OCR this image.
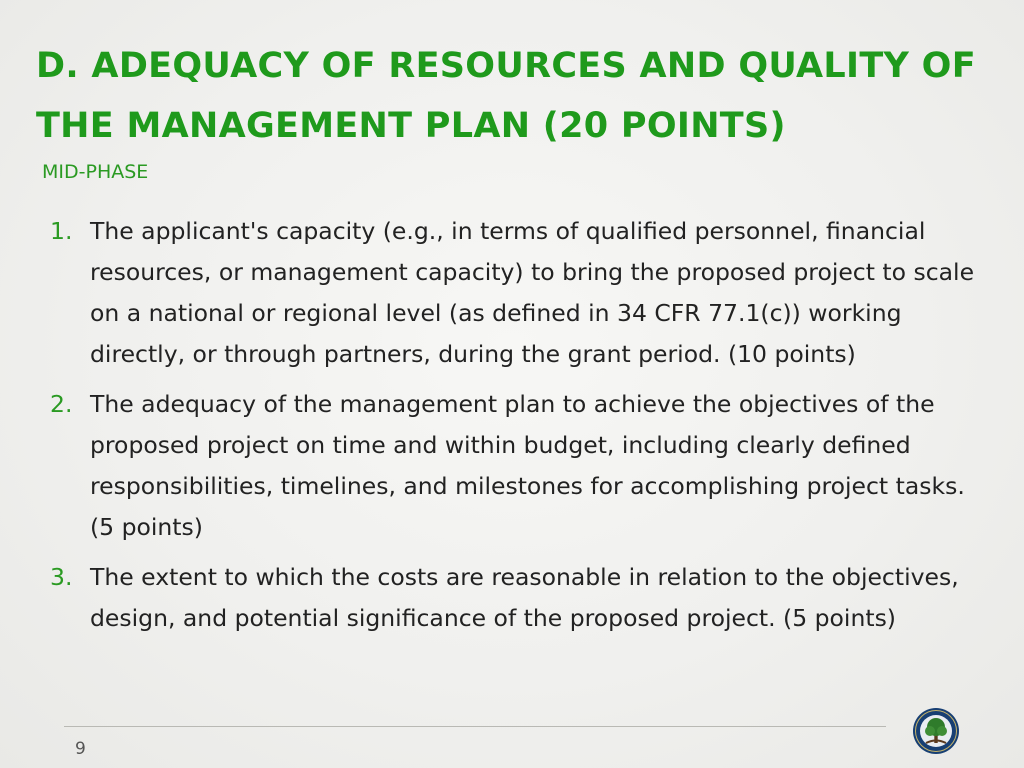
D. ADEQUACY OF RESOURCES AND QUALITY OF THE MANAGEMENT PLAN (20 POINTS)
MID-PHASE
1. The applicant's capacity (e.g., in terms of qualified personnel, financial resources, or management capacity) to bring the proposed project to scale on a national or regional level (as defined in 34 CFR 77.1(c)) working directly, or through partners, during the grant period. (10 points)
2. The adequacy of the management plan to achieve the objectives of the proposed project on time and within budget, including clearly defined responsibilities, timelines, and milestones for accomplishing project tasks. (5 points)
3. The extent to which the costs are reasonable in relation to the objectives, design, and potential significance of the proposed project. (5 points)
9
